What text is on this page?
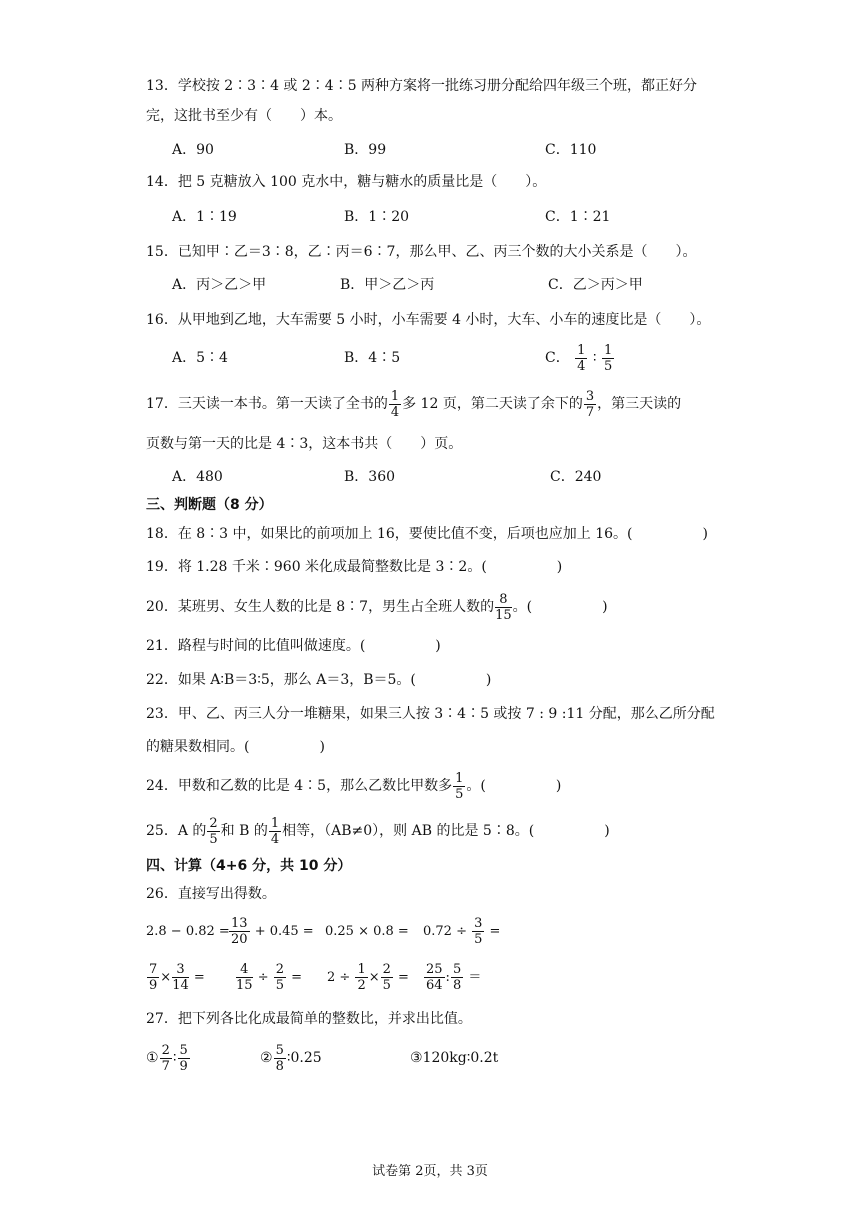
13．学校按 2∶3∶4 或 2∶4∶5 两种方案将一批练习册分配给四年级三个班，都正好分
完，这批书至少有（　　）本。
A．90	B．99	C．110
14．把 5 克糖放入 100 克水中，糖与糖水的质量比是（　　）。
A．1∶19	B．1∶20	C．1∶21
15．已知甲∶乙＝3∶8，乙∶丙＝6∶7，那么甲、乙、丙三个数的大小关系是（　　）。
A．丙＞乙＞甲	B．甲＞乙＞丙	C．乙＞丙＞甲
16．从甲地到乙地，大车需要 5 小时，小车需要 4 小时，大车、小车的速度比是（　　）。
A．5∶4	B．4∶5	C． $\frac{1}{4}$ ∶ $\frac{1}{5}$
17．三天读一本书。第一天读了全书的 $\frac{1}{4}$ 多 12 页，第二天读了余下的 $\frac{3}{7}$ ，第三天读的
页数与第一天的比是 4∶3，这本书共（　　）页。
A．480	B．360	C．240
三、判断题（8 分）
18．在 8∶3 中，如果比的前项加上 16，要使比值不变，后项也应加上 16。(　　　　　)
19．将 1.28 千米∶960 米化成最简整数比是 3∶2。(　　　　　)
20．某班男、女生人数的比是 8∶7，男生占全班人数的 $\frac{8}{15}$ 。(　　　　　)
21．路程与时间的比值叫做速度。(　　　　　)
22．如果 A∶B＝3∶5，那么 A＝3，B＝5。(　　　　　)
23．甲、乙、丙三人分一堆糖果，如果三人按 3∶4∶5 或按 7 : 9 :11 分配，那么乙所分配
的糖果数相同。(　　　　　)
24．甲数和乙数的比是 4∶5，那么乙数比甲数多 $\frac{1}{5}$ 。(　　　　　)
25．A 的 $\frac{2}{5}$ 和 B 的 $\frac{1}{4}$ 相等，（AB≠0），则 AB 的比是 5∶8。(　　　　　)
四、计算（4+6 分，共 10 分）
26．直接写出得数。
$2.8 - 0.82 = \frac{13}{20} + 0.45 = 0.25 \times 0.8 = 0.72 \div \frac{3}{5}$ =
$\frac{7}{9} \times \frac{3}{14} = \frac{4}{15} \div \frac{2}{5} = 2 \div \frac{1}{2} \times \frac{2}{5} = \frac{25}{64}$ : $\frac{5}{8}$ ＝
27．把下列各比化成最简单的整数比，并求出比值。
① $\frac{2}{7}$ ∶ $\frac{5}{9}$	② $\frac{5}{8}$ ∶0.25	③120kg∶0.2t
试卷第 2页，共 3页
